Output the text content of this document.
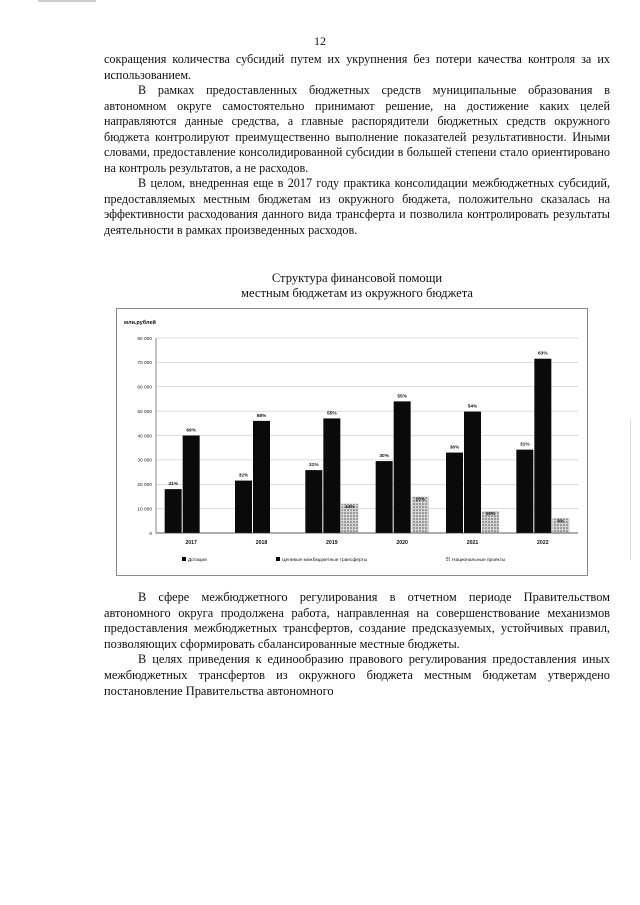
12

сокращения количества субсидий путем их укрупнения без потери качества контроля за их использованием.

В рамках предоставленных бюджетных средств муниципальные образования в автономном округе самостоятельно принимают решение, на достижение каких целей направляются данные средства, а главные распорядители бюджетных средств окружного бюджета контролируют преимущественно выполнение показателей результативности. Иными словами, предоставление консолидированной субсидии в большей степени стало ориентировано на контроль результатов, а не расходов.

В целом, внедренная еще в 2017 году практика консолидации межбюджетных субсидий, предоставляемых местным бюджетам из окружного бюджета, положительно сказалась на эффективности расходования данного вида трансферта и позволила контролировать результаты деятельности в рамках произведенных расходов.

Структура финансовой помощи
местным бюджетам из окружного бюджета
31%
69%
32%
68%
31%
55%
14%
30%
55%
15%
36%
54%
10%
31%
63%
6%
млн.рублей
0
10 000
20 000
30 000
40 000
50 000
60 000
70 000
80 000
2017	2018	2019	2020	2021	2022
Дотации	Целевые межбюджетные трансферты	Национальные проекты

В сфере межбюджетного регулирования в отчетном периоде Правительством автономного округа продолжена работа, направленная на совершенствование механизмов предоставления межбюджетных трансфертов, создание предсказуемых, устойчивых правил, позволяющих сформировать сбалансированные местные бюджеты.

В целях приведения к единообразию правового регулирования предоставления иных межбюджетных трансфертов из окружного бюджета местным бюджетам утверждено постановление Правительства автономного
